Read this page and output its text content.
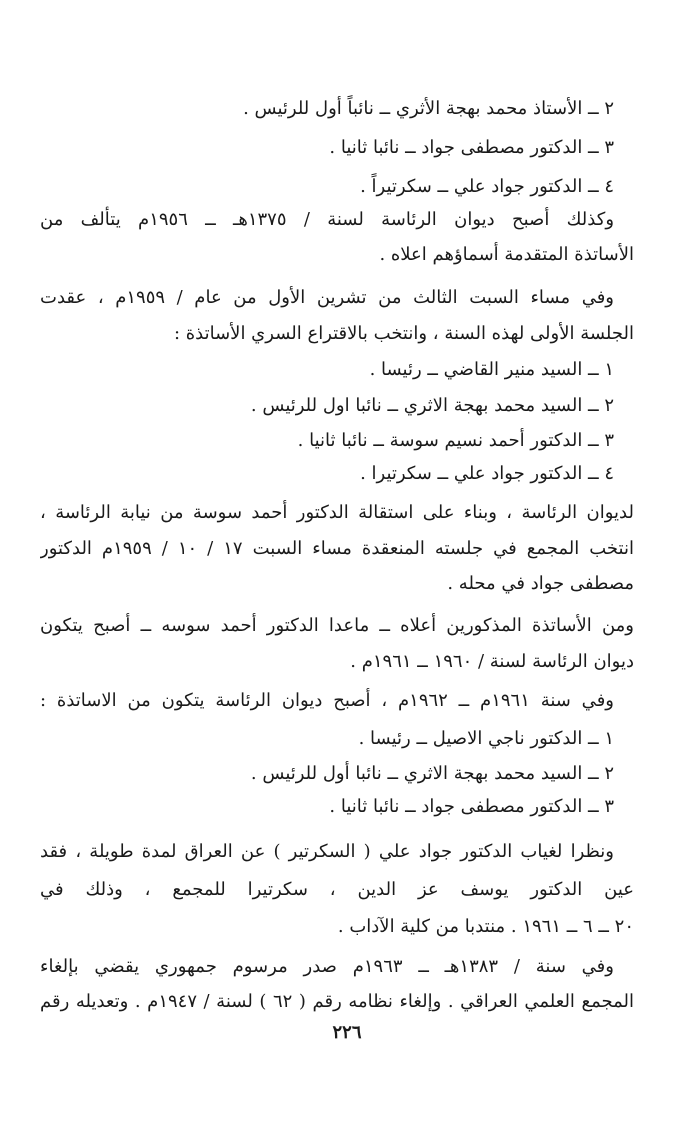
٢ ــ الأستاذ محمد بهجة الأثري ــ نائباً أول للرئيس .
٣ ــ الدكتور مصطفى جواد ــ نائبا ثانيا .
٤ ــ الدكتور جواد علي ــ سكرتيراً .
وكذلك أصبح ديوان الرئاسة لسنة / ١٣٧٥هـ ــ ١٩٥٦م يتألف من
الأساتذة المتقدمة أسماؤهم اعلاه .
وفي مساء السبت الثالث من تشرين الأول من عام / ١٩٥٩م ، عقدت
الجلسة الأولى لهذه السنة ، وانتخب بالاقتراع السري الأساتذة :
١ ــ السيد منير القاضي ــ رئيسا .
٢ ــ السيد محمد بهجة الاثري ــ نائبا اول للرئيس .
٣ ــ الدكتور أحمد نسيم سوسة ــ نائبا ثانيا .
٤ ــ الدكتور جواد علي ــ سكرتيرا .
لديوان الرئاسة ، وبناء على استقالة الدكتور أحمد سوسة من نيابة الرئاسة ،
انتخب المجمع في جلسته المنعقدة مساء السبت ١٧ / ١٠ / ١٩٥٩م الدكتور
مصطفى جواد في محله .
ومن الأساتذة المذكورين أعلاه ــ ماعدا الدكتور أحمد سوسه ــ أصبح يتكون
ديوان الرئاسة لسنة / ١٩٦٠ ــ ١٩٦١م .
وفي سنة ١٩٦١م ــ ١٩٦٢م ، أصبح ديوان الرئاسة يتكون من الاساتذة :
١ ــ الدكتور ناجي الاصيل ــ رئيسا .
٢ ــ السيد محمد بهجة الاثري ــ نائبا أول للرئيس .
٣ ــ الدكتور مصطفى جواد ــ نائبا ثانيا .
ونظرا لغياب الدكتور جواد علي ( السكرتير ) عن العراق لمدة طويلة ، فقد
عين الدكتور يوسف عز الدين ، سكرتيرا للمجمع ، وذلك في
٢٠ ــ ٦ ــ ١٩٦١ . منتدبا من كلية الآداب .
وفي سنة / ١٣٨٣هـ ــ ١٩٦٣م صدر مرسوم جمهوري يقضي بإلغاء
المجمع العلمي العراقي . وإلغاء نظامه رقم ( ٦٢ ) لسنة / ١٩٤٧م . وتعديله رقم
٢٢٦
